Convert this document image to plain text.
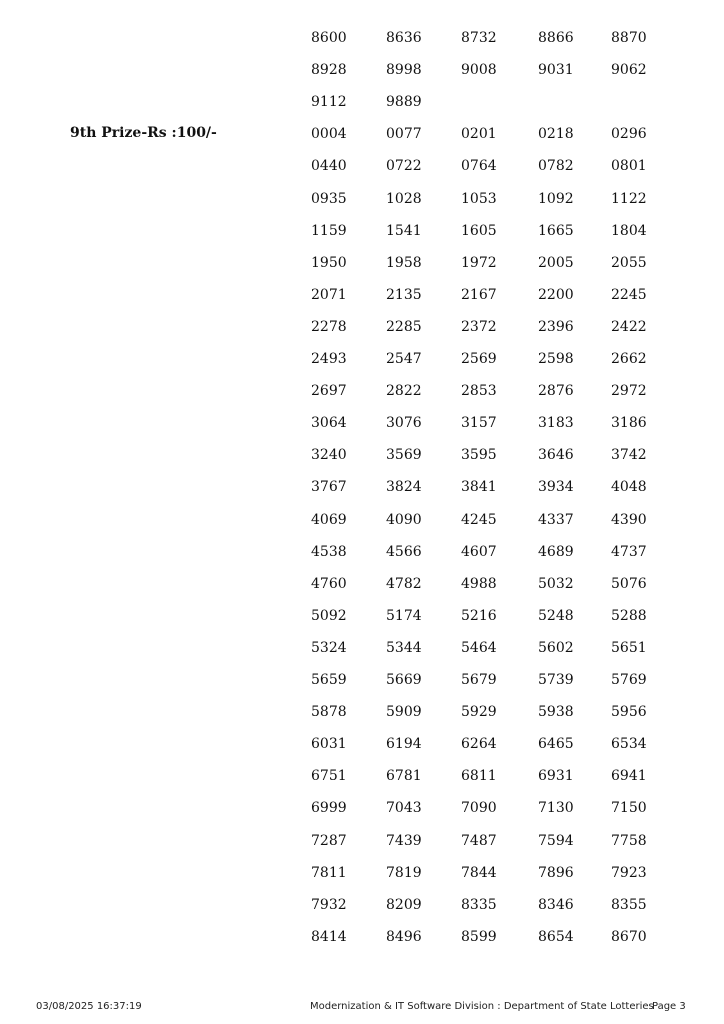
9th Prize-Rs :100/-
8600	8636	8732	8866	8870
8928	8998	9008	9031	9062
9112	9889
0004	0077	0201	0218	0296
0440	0722	0764	0782	0801
0935	1028	1053	1092	1122
1159	1541	1605	1665	1804
1950	1958	1972	2005	2055
2071	2135	2167	2200	2245
2278	2285	2372	2396	2422
2493	2547	2569	2598	2662
2697	2822	2853	2876	2972
3064	3076	3157	3183	3186
3240	3569	3595	3646	3742
3767	3824	3841	3934	4048
4069	4090	4245	4337	4390
4538	4566	4607	4689	4737
4760	4782	4988	5032	5076
5092	5174	5216	5248	5288
5324	5344	5464	5602	5651
5659	5669	5679	5739	5769
5878	5909	5929	5938	5956
6031	6194	6264	6465	6534
6751	6781	6811	6931	6941
6999	7043	7090	7130	7150
7287	7439	7487	7594	7758
7811	7819	7844	7896	7923
7932	8209	8335	8346	8355
8414	8496	8599	8654	8670
03/08/2025 16:37:19	Modernization & IT Software Division : Department of State Lotteries
Page 3
